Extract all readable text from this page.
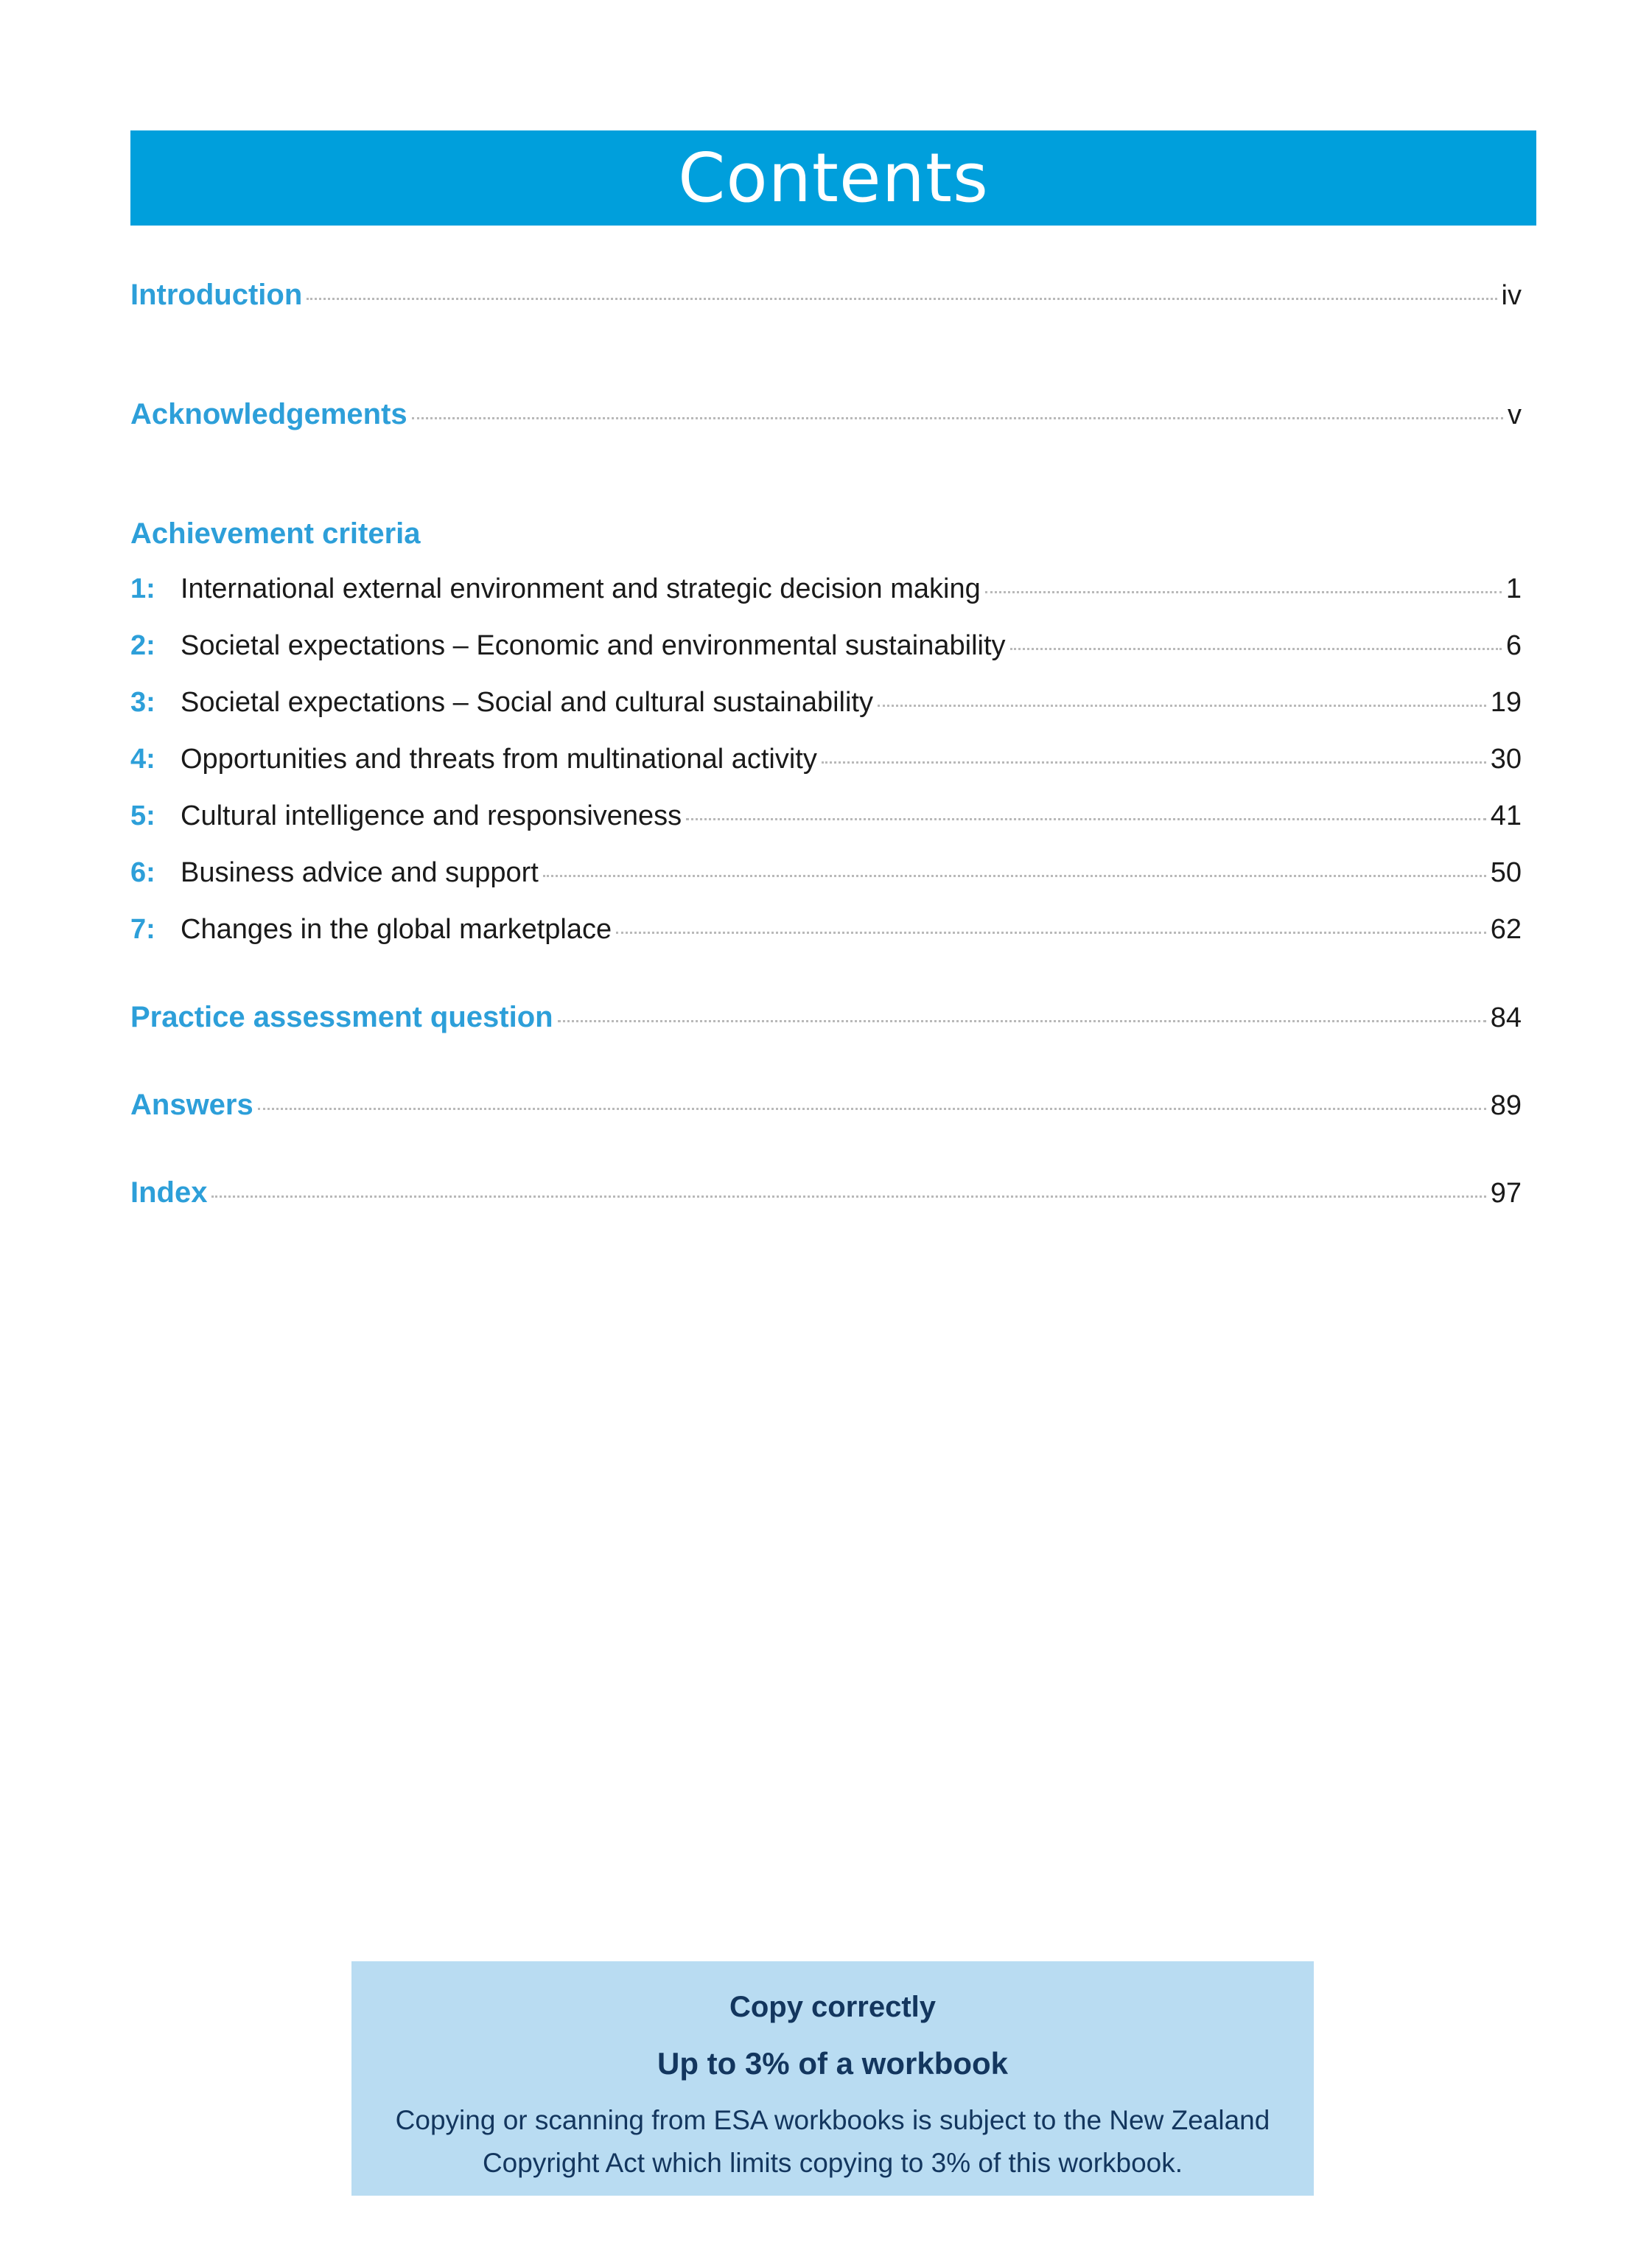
Contents
Introduction	iv
Acknowledgements	v
Achievement criteria
1: International external environment and strategic decision making	1
2: Societal expectations – Economic and environmental sustainability	6
3: Societal expectations – Social and cultural sustainability	19
4: Opportunities and threats from multinational activity	30
5: Cultural intelligence and responsiveness	41
6: Business advice and support	50
7: Changes in the global marketplace	62
Practice assessment question	84
Answers	89
Index	97
Copy correctly
Up to 3% of a workbook
Copying or scanning from ESA workbooks is subject to the New Zealand Copyright Act which limits copying to 3% of this workbook.
